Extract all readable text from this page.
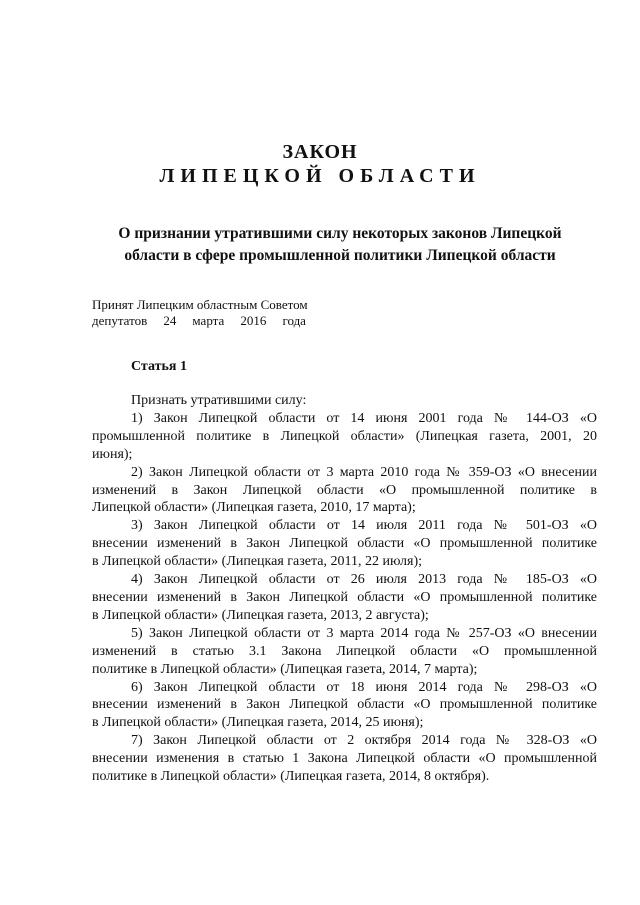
ЗАКОН
ЛИПЕЦКОЙ ОБЛАСТИ
О признании утратившими силу некоторых законов Липецкой
области в сфере промышленной политики Липецкой области
Принят Липецким областным Советом
депутатов 24 марта 2016 года
Статья 1
Признать утратившими силу:
1) Закон Липецкой области от 14 июня 2001 года № 144-ОЗ «О
промышленной политике в Липецкой области» (Липецкая газета, 2001, 20
июня);
2) Закон Липецкой области от 3 марта 2010 года № 359-ОЗ «О внесении
изменений в Закон Липецкой области «О промышленной политике в
Липецкой области» (Липецкая газета, 2010, 17 марта);
3) Закон Липецкой области от 14 июля 2011 года № 501-ОЗ «О
внесении изменений в Закон Липецкой области «О промышленной политике
в Липецкой области» (Липецкая газета, 2011, 22 июля);
4) Закон Липецкой области от 26 июля 2013 года № 185-ОЗ «О
внесении изменений в Закон Липецкой области «О промышленной политике
в Липецкой области» (Липецкая газета, 2013, 2 августа);
5) Закон Липецкой области от 3 марта 2014 года № 257-ОЗ «О внесении
изменений в статью 3.1 Закона Липецкой области «О промышленной
политике в Липецкой области» (Липецкая газета, 2014, 7 марта);
6) Закон Липецкой области от 18 июня 2014 года № 298-ОЗ «О
внесении изменений в Закон Липецкой области «О промышленной политике
в Липецкой области» (Липецкая газета, 2014, 25 июня);
7) Закон Липецкой области от 2 октября 2014 года № 328-ОЗ «О
внесении изменения в статью 1 Закона Липецкой области «О промышленной
политике в Липецкой области» (Липецкая газета, 2014, 8 октября).
